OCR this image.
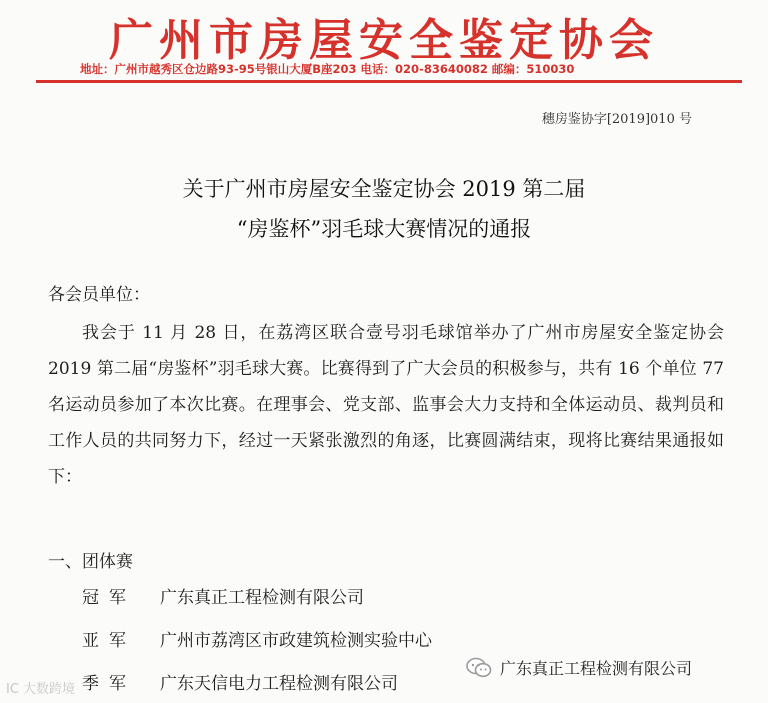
广州市房屋安全鉴定协会
地址：广州市越秀区仓边路93-95号银山大厦B座203 电话：020-83640082 邮编：510030
穗房鉴协字[2019]010 号
关于广州市房屋安全鉴定协会 2019 第二届
“房鉴杯”羽毛球大赛情况的通报
各会员单位：
我会于 11 月 28 日，在荔湾区联合壹号羽毛球馆举办了广州市房屋安全鉴定协会 2019 第二届“房鉴杯”羽毛球大赛。比赛得到了广大会员的积极参与，共有 16 个单位 77 名运动员参加了本次比赛。在理事会、党支部、监事会大力支持和全体运动员、裁判员和工作人员的共同努力下，经过一天紧张激烈的角逐，比赛圆满结束，现将比赛结果通报如下：
一、团体赛
冠军 广东真正工程检测有限公司
亚军 广州市荔湾区市政建筑检测实验中心
季军 广东天信电力工程检测有限公司
IC 大数跨境
广东真正工程检测有限公司
